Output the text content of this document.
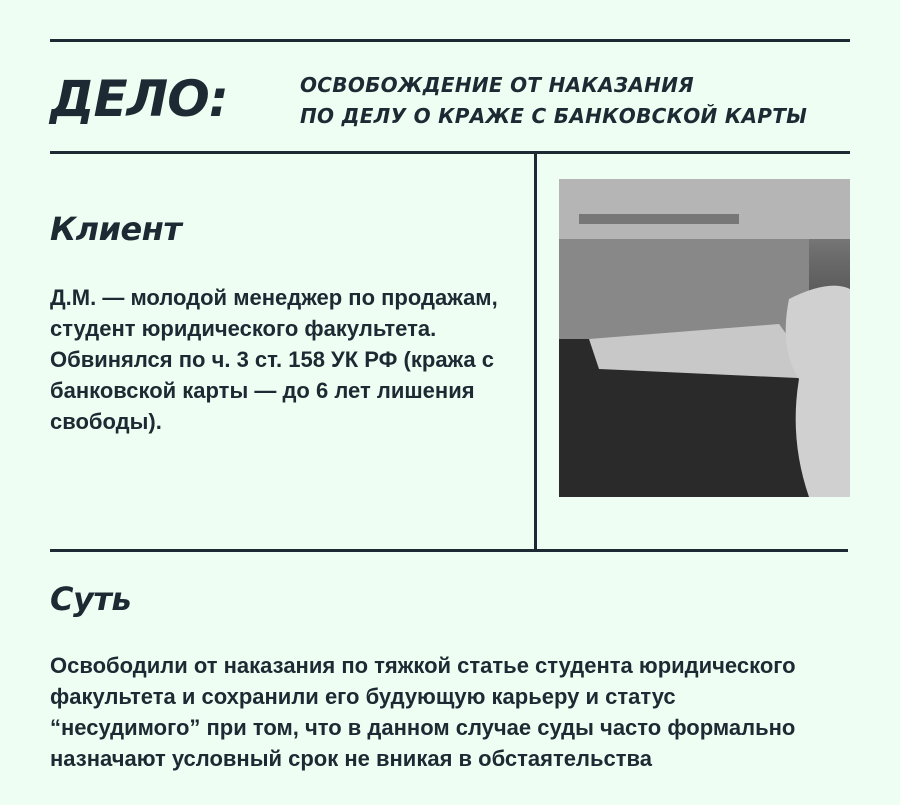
ДЕЛО:	ОСВОБОЖДЕНИЕ ОТ НАКАЗАНИЯ
ПО ДЕЛУ О КРАЖЕ С БАНКОВСКОЙ КАРТЫ
Клиент
Д.М. — молодой менеджер по продажам, студент юридического факультета. Обвинялся по ч. 3 ст. 158 УК РФ (кража с банковской карты — до 6 лет лишения свободы).
Суть
Освободили от наказания по тяжкой статье студента юридического факультета и сохранили его будующую карьеру и статус “несудимого” при том, что в данном случае суды часто формально назначают условный срок не вникая в обстаятельства
